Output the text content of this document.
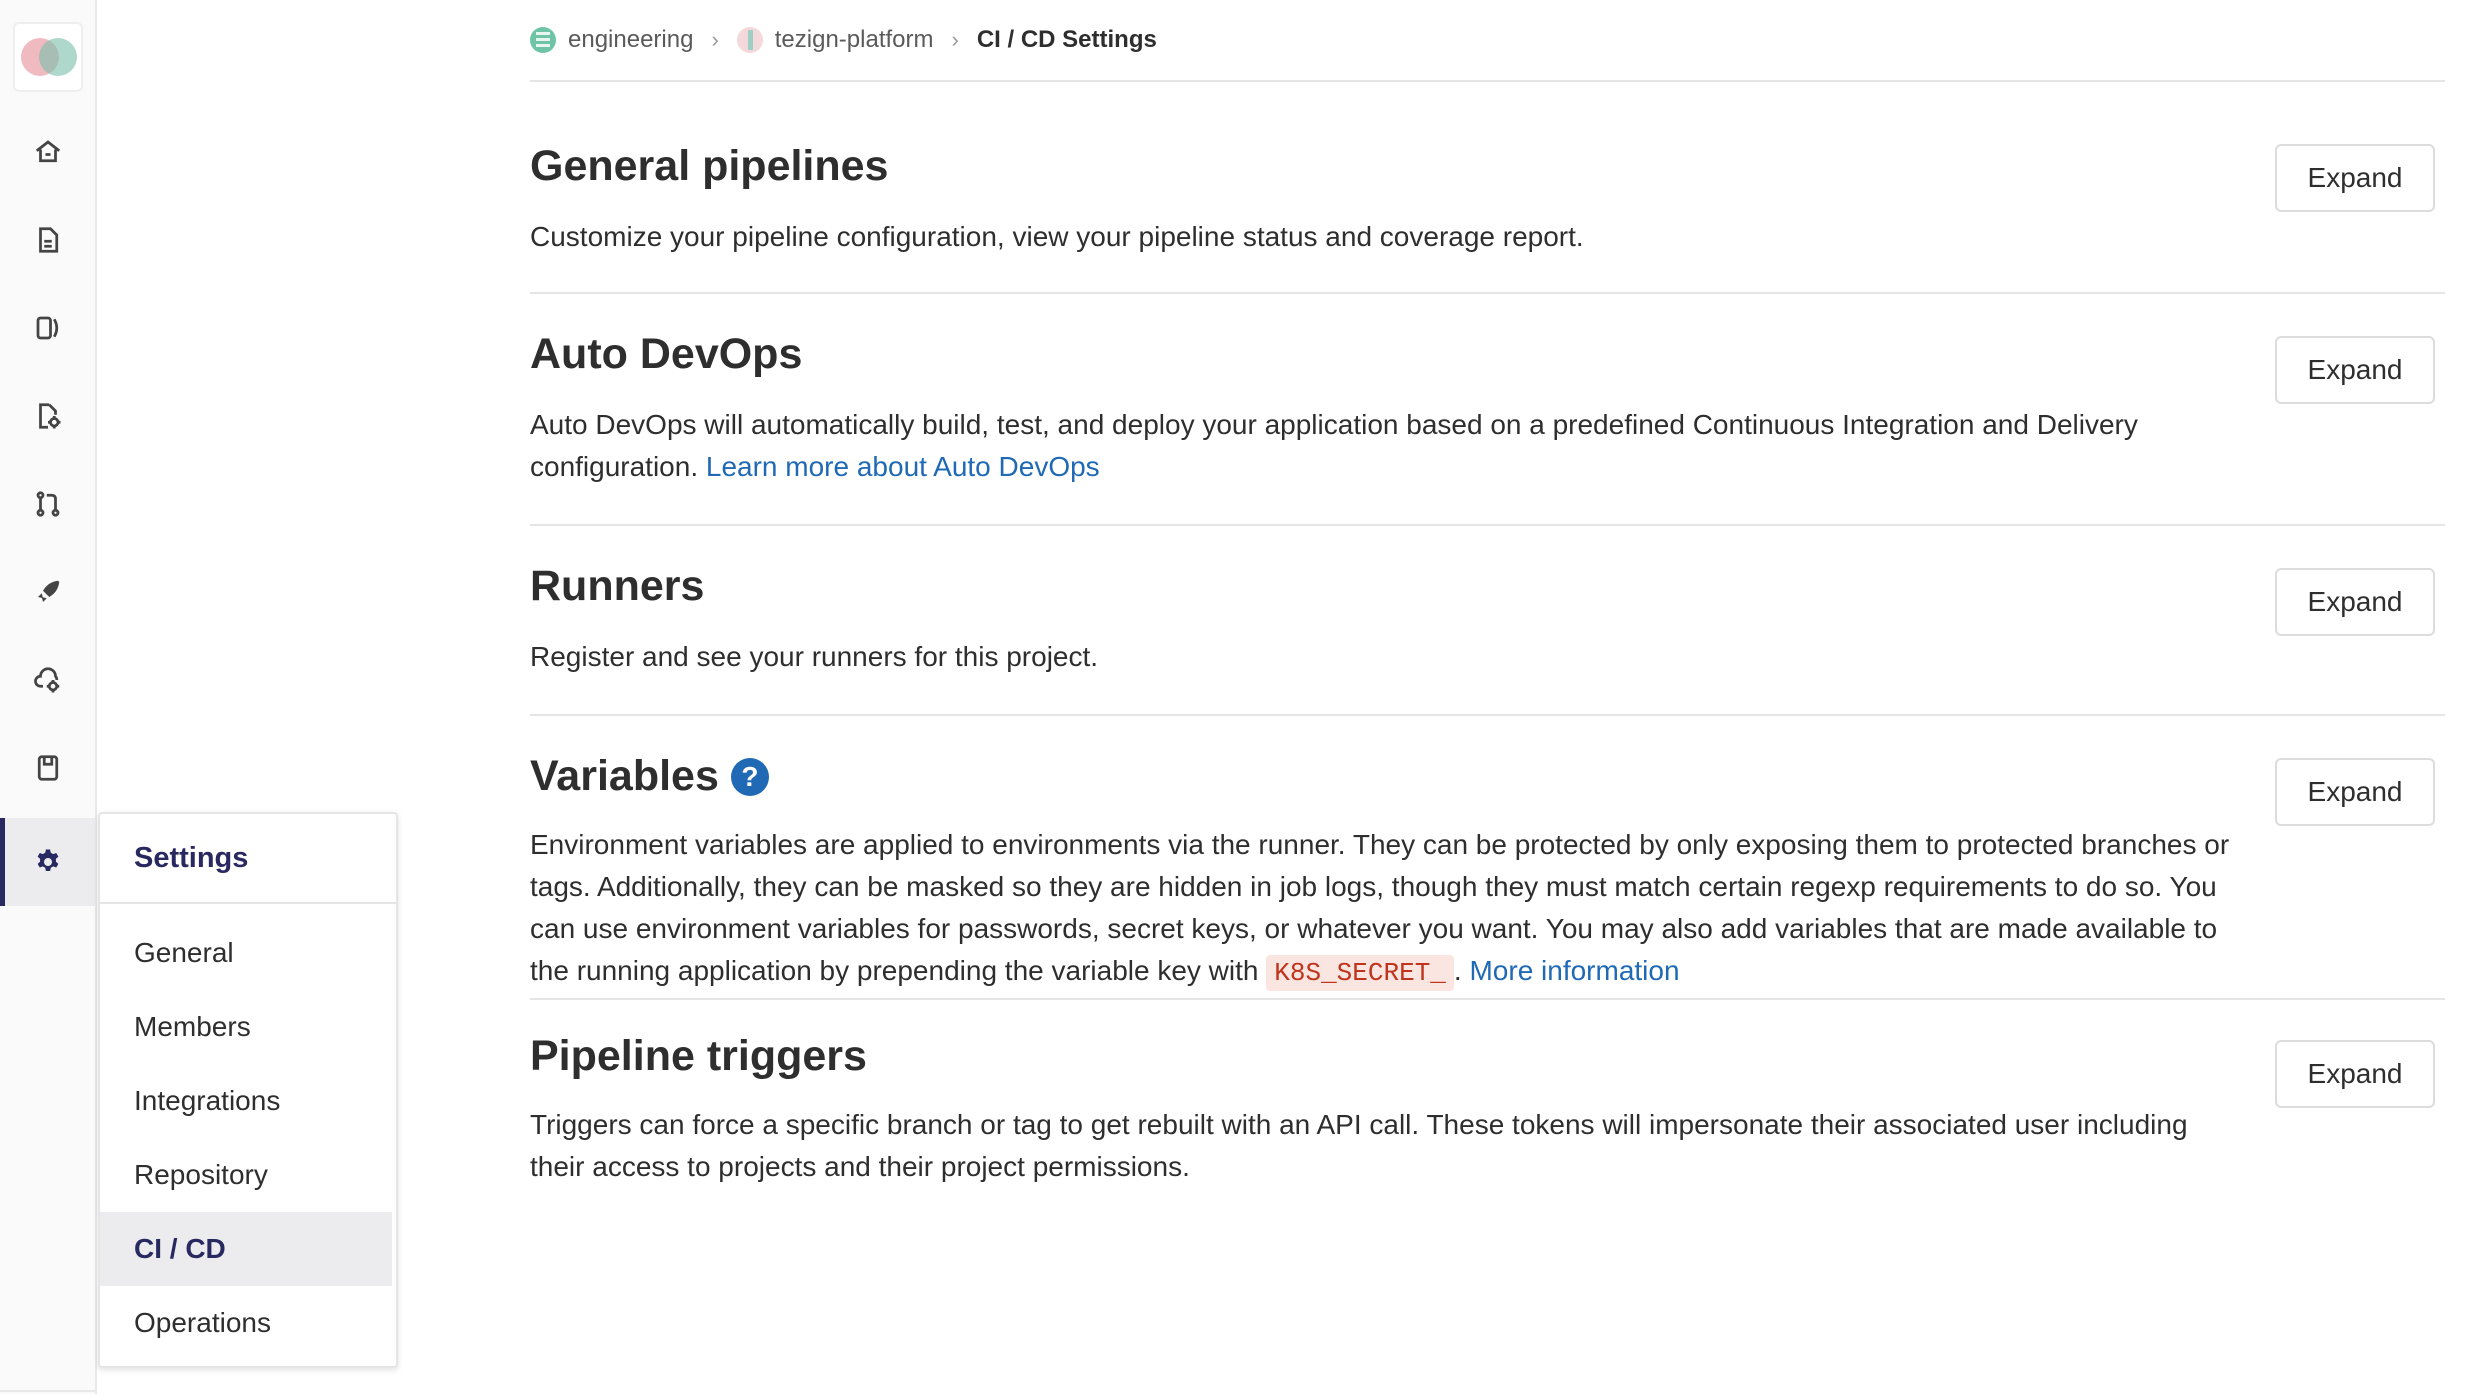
Settings
General
Members
Integrations
Repository
CI / CD
Operations
engineering › tezign-platform › CI / CD Settings
General pipelines

Customize your pipeline configuration, view your pipeline status and coverage report.

Expand
Auto DevOps

Auto DevOps will automatically build, test, and deploy your application based on a predefined Continuous Integration and Delivery configuration. Learn more about Auto DevOps

Expand
Runners

Register and see your runners for this project.

Expand
Variables ?

Environment variables are applied to environments via the runner. They can be protected by only exposing them to protected branches or tags. Additionally, they can be masked so they are hidden in job logs, though they must match certain regexp requirements to do so. You can use environment variables for passwords, secret keys, or whatever you want. You may also add variables that are made available to the running application by prepending the variable key with K8S_SECRET_ . More information

Expand
Pipeline triggers

Triggers can force a specific branch or tag to get rebuilt with an API call. These tokens will impersonate their associated user including their access to projects and their project permissions.

Expand
